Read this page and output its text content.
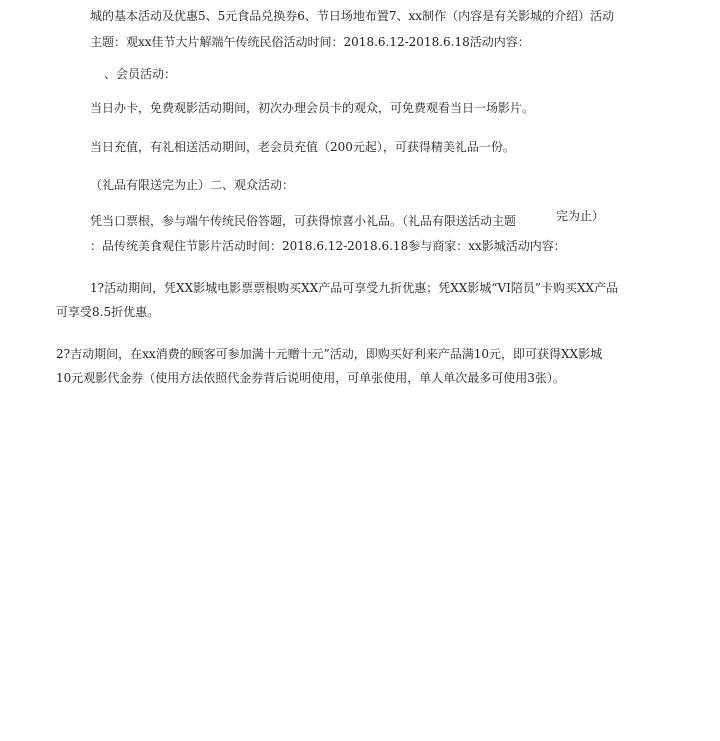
城的基本活动及优惠5、5元食品兑换券6、节日场地布置7、xx制作（内容是有关影城的介绍）活动
主题：观xx佳节大片解端午传统民俗活动时间：2018.6.12-2018.6.18活动内容：
、会员活动：
当日办卡，免费观影活动期间，初次办理会员卡的观众，可免费观看当日一场影片。
当日充值，有礼相送活动期间，老会员充值（200元起），可获得精美礼品一份。
（礼品有限送完为止）二、观众活动：
凭当口票根，参与端午传统民俗答题，可获得惊喜小礼品。（礼品有限送活动主题	完为止）
：品传统美食观住节影片活动时间：2018.6.12-2018.6.18参与商家：xx影城活动内容：
1?活动期间，凭XX影城电影票票根购买XX产品可享受九折优惠；凭XX影城“VI陪员”卡购买XX产品
可享受8.5折优惠。
2?吉动期间，在xx消费的顾客可参加满十元赠十元”活动，即购买好利来产品满10元，即可获得XX影城
10元观影代金券（使用方法依照代金券背后说明使用，可单张使用，单人单次最多可使用3张）。
